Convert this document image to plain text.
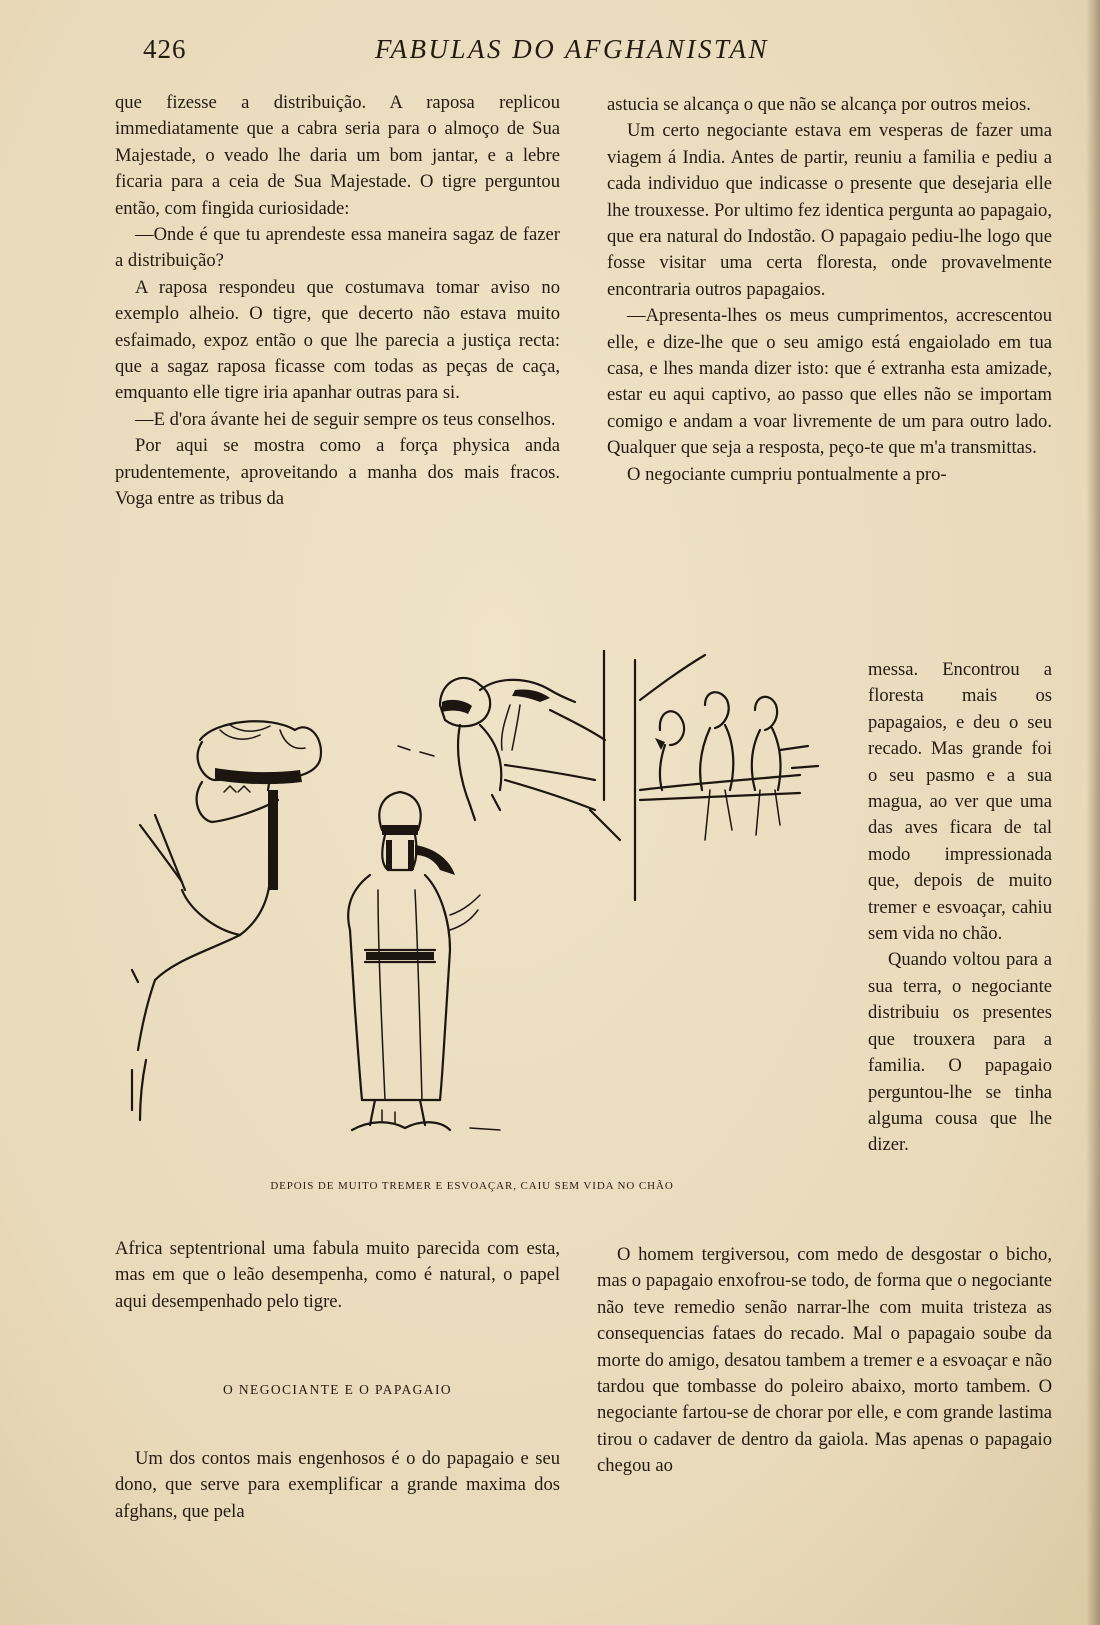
426	FABULAS DO AFGHANISTAN

que fizesse a distribuição. A raposa replicou immediatamente que a cabra seria para o almoço de Sua Majestade, o veado lhe daria um bom jantar, e a lebre ficaria para a ceia de Sua Majestade. O tigre perguntou então, com fingida curiosidade:

—Onde é que tu aprendeste essa maneira sagaz de fazer a distribuição?

A raposa respondeu que costumava tomar aviso no exemplo alheio. O tigre, que decerto não estava muito esfaimado, expoz então o que lhe parecia a justiça recta: que a sagaz raposa ficasse com todas as peças de caça, emquanto elle tigre iria apanhar outras para si.

—E d'ora ávante hei de seguir sempre os teus conselhos.

Por aqui se mostra como a força physica anda prudentemente, aproveitando a manha dos mais fracos. Voga entre as tribus da

astucia se alcança o que não se alcança por outros meios.

Um certo negociante estava em vesperas de fazer uma viagem á India. Antes de partir, reuniu a familia e pediu a cada individuo que indicasse o presente que desejaria elle lhe trouxesse. Por ultimo fez identica pergunta ao papagaio, que era natural do Indostão. O papagaio pediu-lhe logo que fosse visitar uma certa floresta, onde provavelmente encontraria outros papagaios.

—Apresenta-lhes os meus cumprimentos, accrescentou elle, e dize-lhe que o seu amigo está engaiolado em tua casa, e lhes manda dizer isto: que é extranha esta amizade, estar eu aqui captivo, ao passo que elles não se importam comigo e andam a voar livremente de um para outro lado. Qualquer que seja a resposta, peço-te que m'a transmittas.

O negociante cumpriu pontualmente a pro-

messa. Encontrou a floresta mais os papagaios, e deu o seu recado. Mas grande foi o seu pasmo e a sua magua, ao ver que uma das aves ficara de tal modo impressionada que, depois de muito tremer e esvoaçar, cahiu sem vida no chão.

Quando voltou para a sua terra, o negociante distribuiu os presentes que trouxera para a familia. O papagaio perguntou-lhe se tinha alguma cousa que lhe dizer.

DEPOIS DE MUITO TREMER E ESVOAÇAR, CAIU SEM VIDA NO CHÃO

Africa septentrional uma fabula muito parecida com esta, mas em que o leão desempenha, como é natural, o papel aqui desempenhado pelo tigre.

O NEGOCIANTE E O PAPAGAIO

Um dos contos mais engenhosos é o do papagaio e seu dono, que serve para exemplificar a grande maxima dos afghans, que pela

O homem tergiversou, com medo de desgostar o bicho, mas o papagaio enxofrou-se todo, de forma que o negociante não teve remedio senão narrar-lhe com muita tristeza as consequencias fataes do recado. Mal o papagaio soube da morte do amigo, desatou tambem a tremer e a esvoaçar e não tardou que tombasse do poleiro abaixo, morto tambem. O negociante fartou-se de chorar por elle, e com grande lastima tirou o cadaver de dentro da gaiola. Mas apenas o papagaio chegou ao
